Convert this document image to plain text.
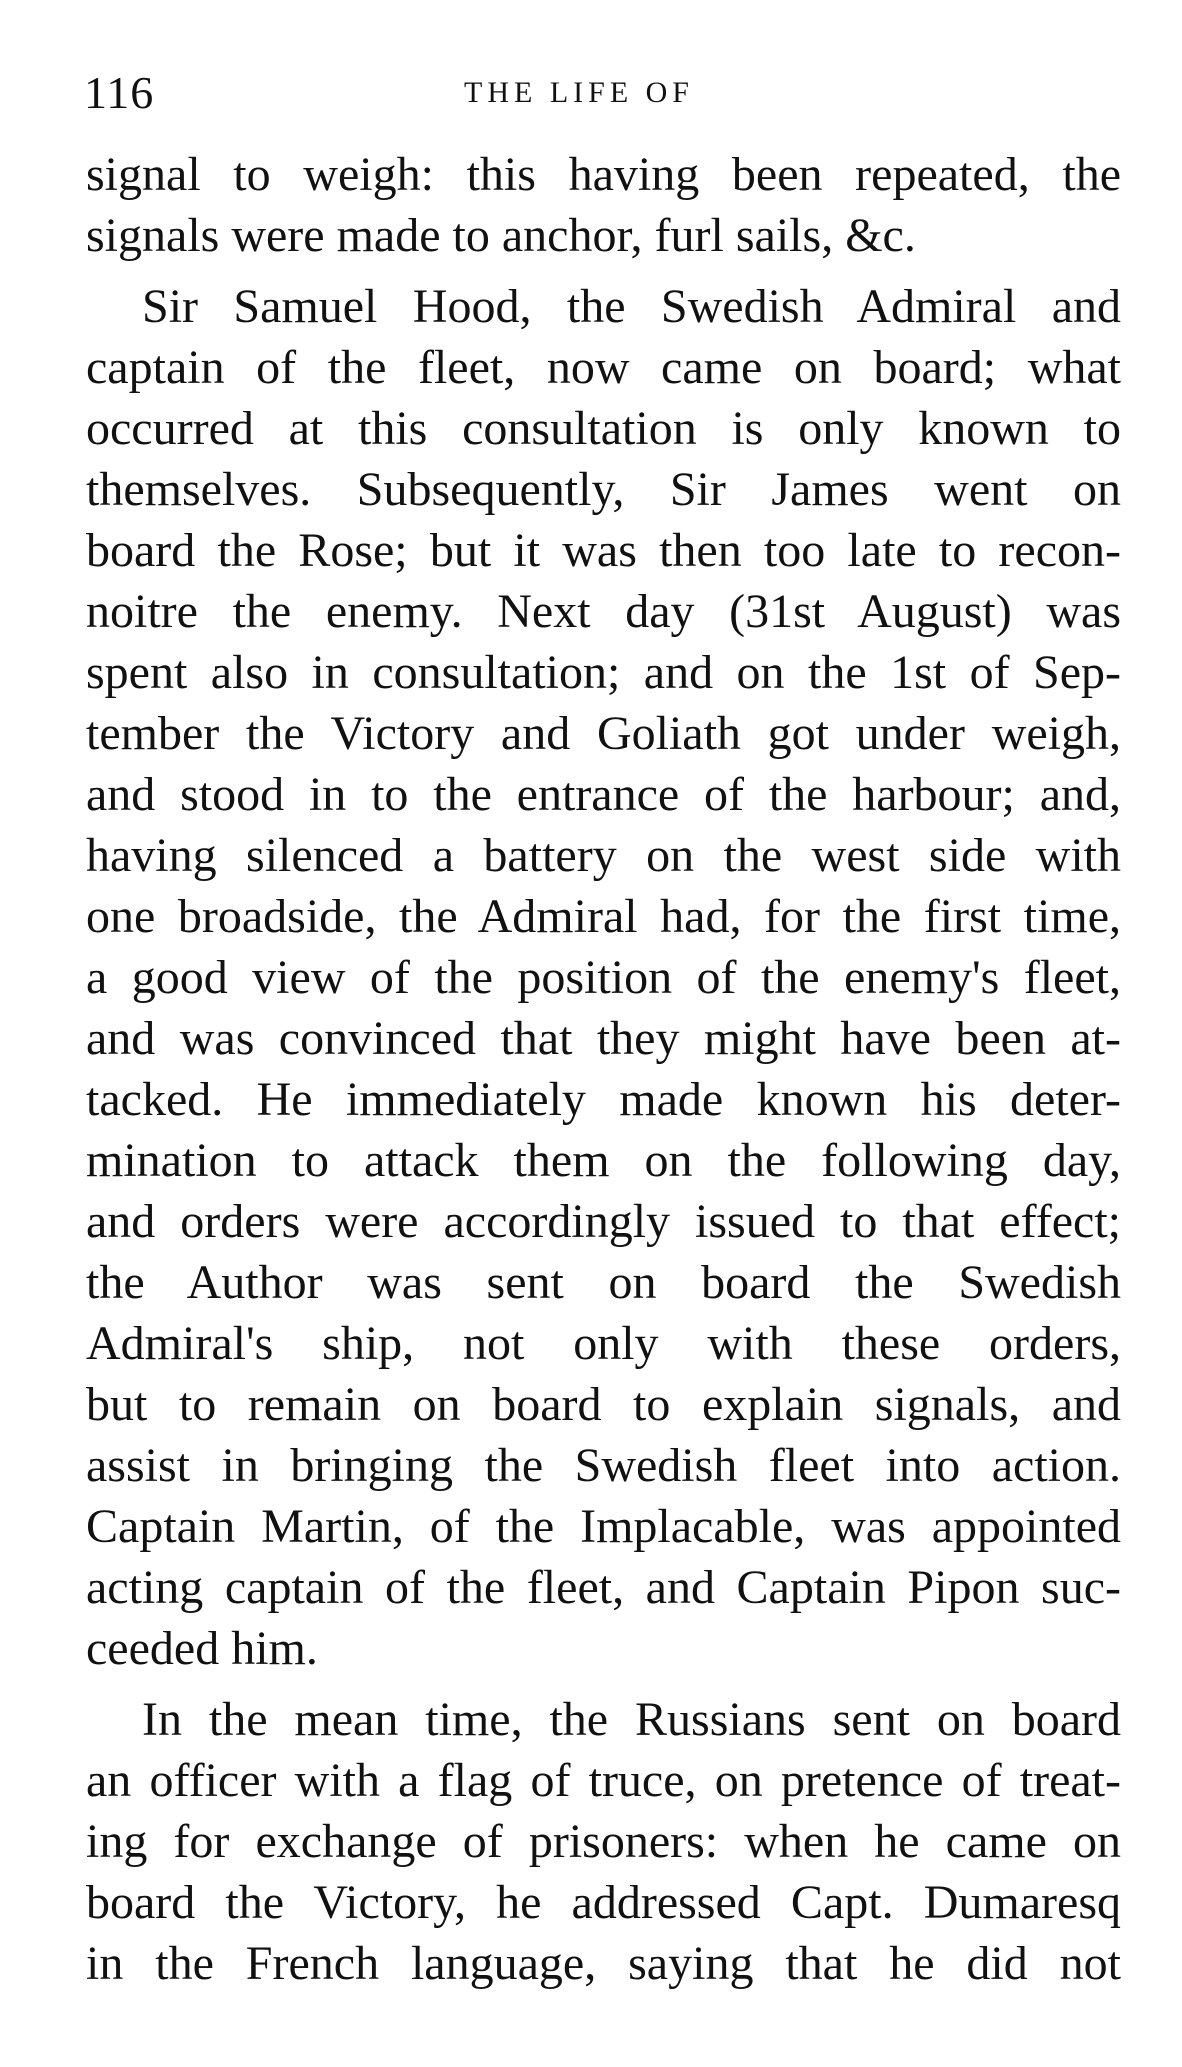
116	THE LIFE OF
signal to weigh: this having been repeated, the
signals were made to anchor, furl sails, &c.
Sir Samuel Hood, the Swedish Admiral and
captain of the fleet, now came on board; what
occurred at this consultation is only known to
themselves. Subsequently, Sir James went on
board the Rose; but it was then too late to recon-
noitre the enemy. Next day (31st August) was
spent also in consultation; and on the 1st of Sep-
tember the Victory and Goliath got under weigh,
and stood in to the entrance of the harbour; and,
having silenced a battery on the west side with
one broadside, the Admiral had, for the first time,
a good view of the position of the enemy's fleet,
and was convinced that they might have been at-
tacked. He immediately made known his deter-
mination to attack them on the following day,
and orders were accordingly issued to that effect;
the Author was sent on board the Swedish
Admiral's ship, not only with these orders,
but to remain on board to explain signals, and
assist in bringing the Swedish fleet into action.
Captain Martin, of the Implacable, was appointed
acting captain of the fleet, and Captain Pipon suc-
ceeded him.
In the mean time, the Russians sent on board
an officer with a flag of truce, on pretence of treat-
ing for exchange of prisoners: when he came on
board the Victory, he addressed Capt. Dumaresq
in the French language, saying that he did not
